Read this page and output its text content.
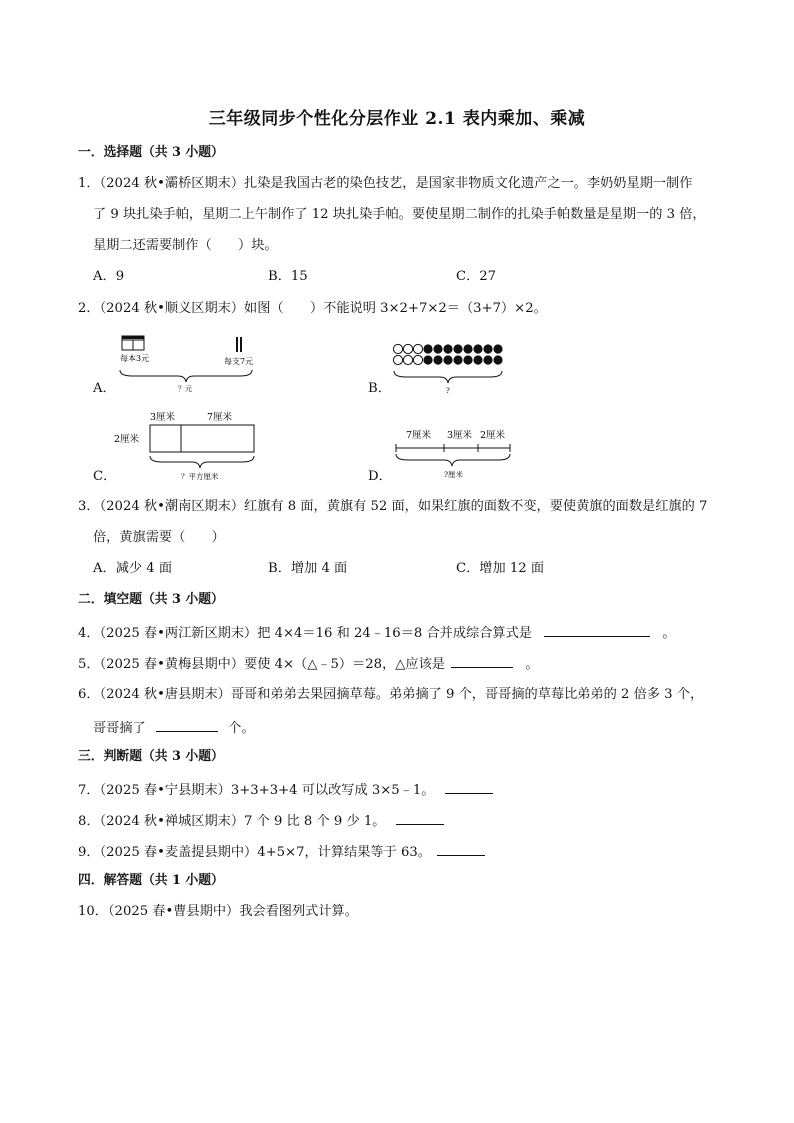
三年级同步个性化分层作业 2.1 表内乘加、乘减
一．选择题（共 3 小题）
1．（2024 秋•灞桥区期末）扎染是我国古老的染色技艺，是国家非物质文化遗产之一。李奶奶星期一制作
了 9 块扎染手帕，星期二上午制作了 12 块扎染手帕。要使星期二制作的扎染手帕数量是星期一的 3 倍，
星期二还需要制作（　　）块。
A．9	B．15	C．27
2．（2024 秋•顺义区期末）如图（　　）不能说明 3×2+7×2＝（3+7）×2。
每本3元	每支7元
？元
A．	?
B．
3厘米	7厘米
2厘米
？平方厘米
C．
7厘米 3厘米 2厘米
?厘米
D．
3．（2024 秋•潮南区期末）红旗有 8 面，黄旗有 52 面，如果红旗的面数不变，要使黄旗的面数是红旗的 7
倍，黄旗需要（　　）
A．减少 4 面	B．增加 4 面	C．增加 12 面
二．填空题（共 3 小题）
4．（2025 春•两江新区期末）把 4×4＝16 和 24﹣16＝8 合并成综合算式是	。
5．（2025 春•黄梅县期中）要使 4×（△﹣5）＝28，△应该是	。
6．（2024 秋•唐县期末）哥哥和弟弟去果园摘草莓。弟弟摘了 9 个，哥哥摘的草莓比弟弟的 2 倍多 3 个，
哥哥摘了	个。
三．判断题（共 3 小题）
7．（2025 春•宁县期末）3+3+3+4 可以改写成 3×5﹣1。
8．（2024 秋•禅城区期末）7 个 9 比 8 个 9 少 1。
9．（2025 春•麦盖提县期中）4+5×7，计算结果等于 63。
四．解答题（共 1 小题）
10．（2025 春•曹县期中）我会看图列式计算。
